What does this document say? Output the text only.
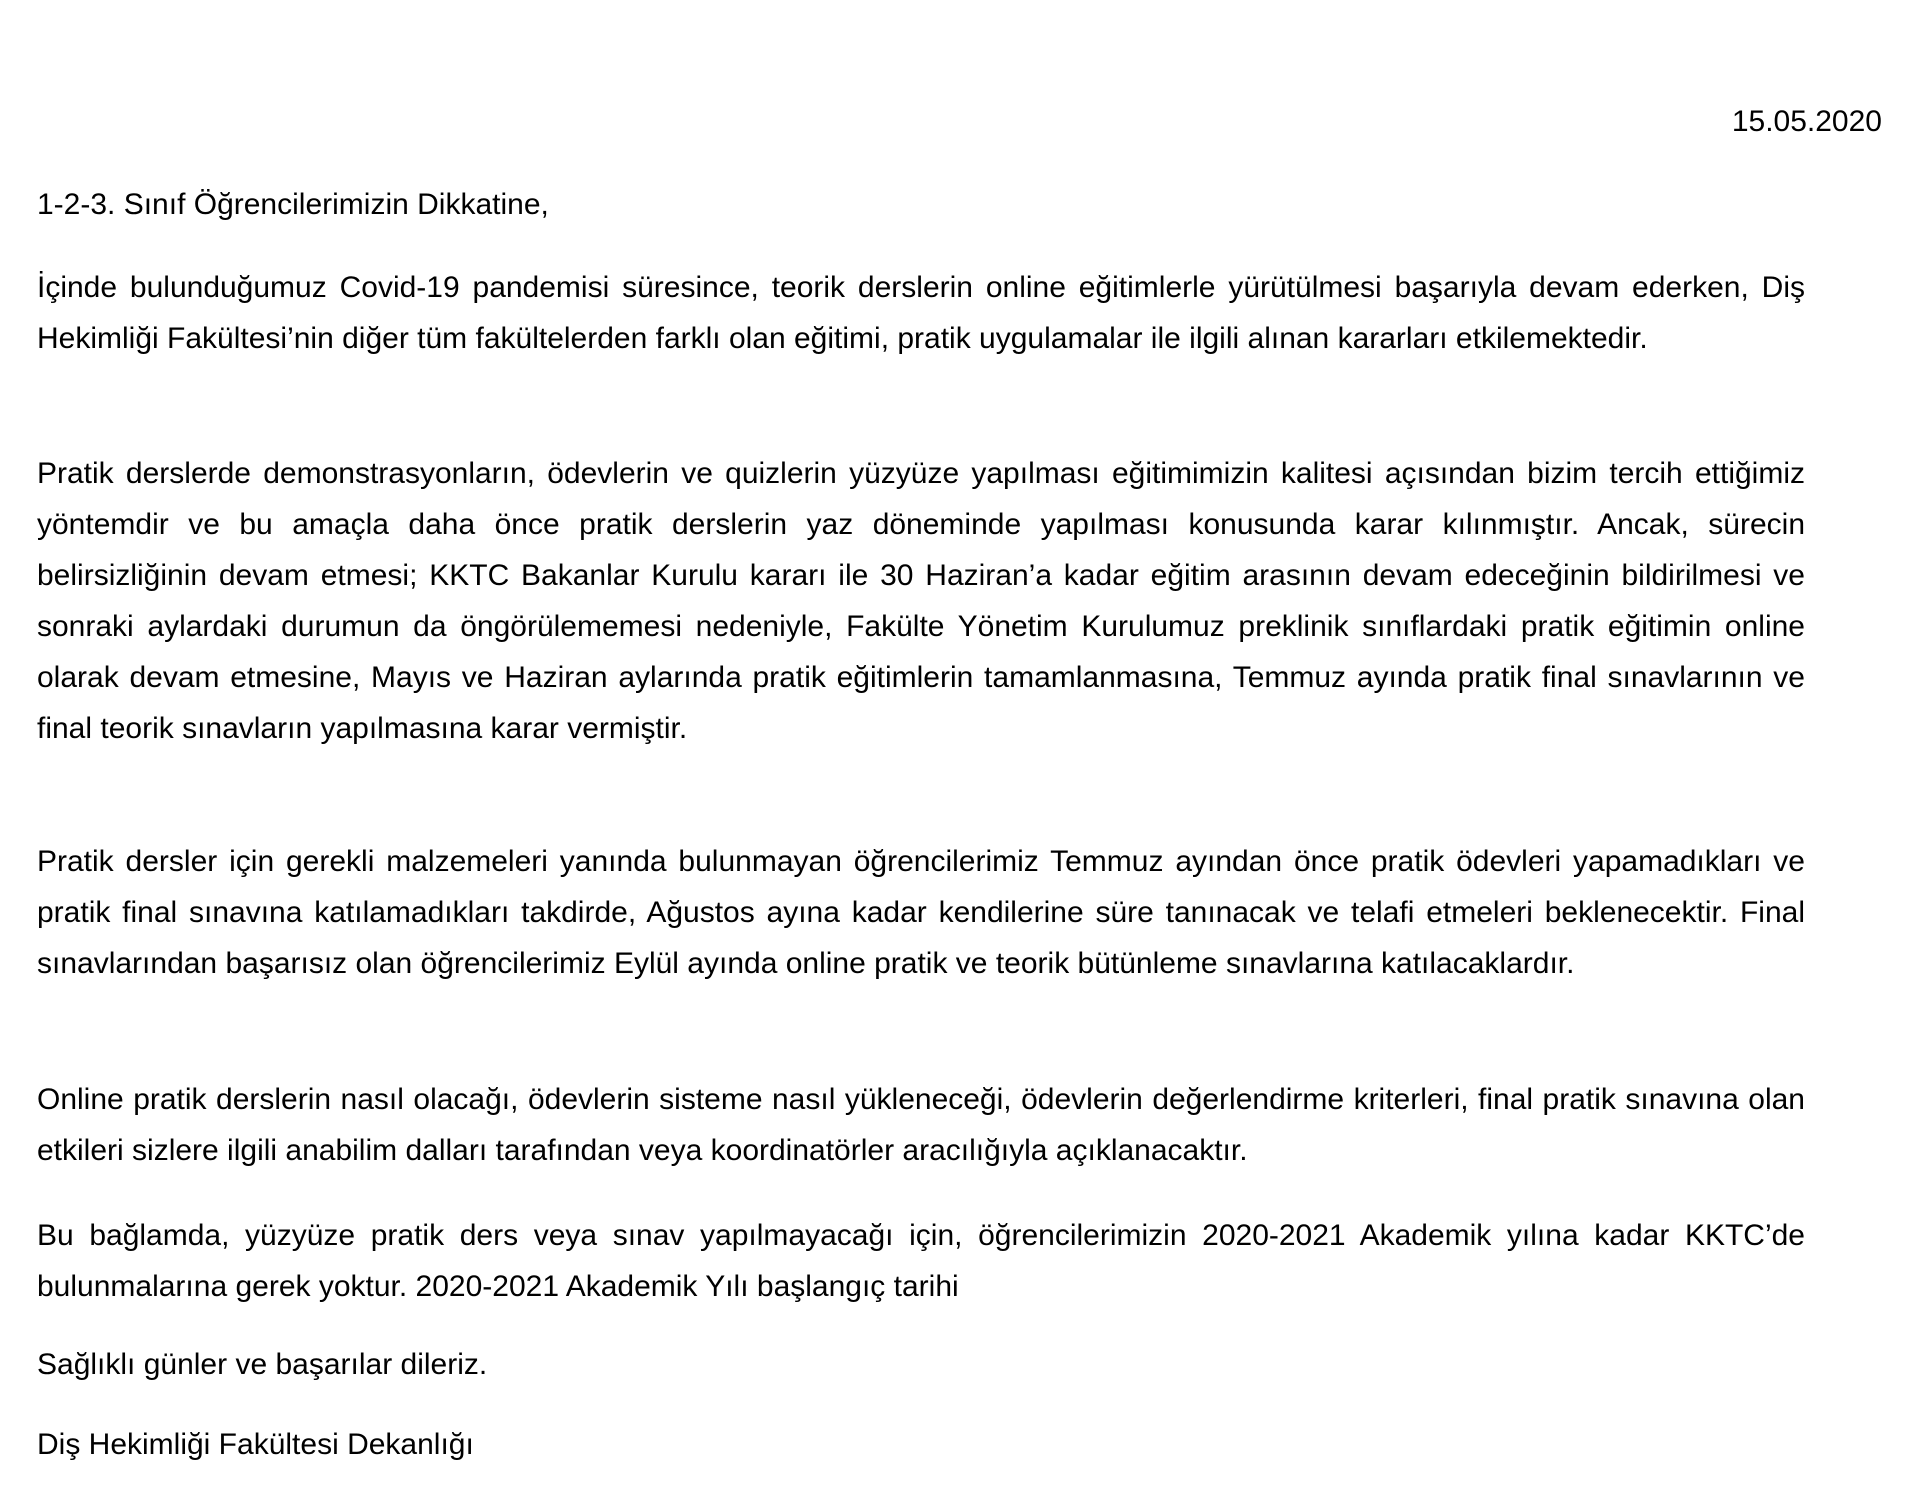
15.05.2020
1-2-3. Sınıf Öğrencilerimizin Dikkatine,

İçinde bulunduğumuz Covid-19 pandemisi süresince, teorik derslerin online eğitimlerle yürütülmesi başarıyla devam ederken, Diş Hekimliği Fakültesi’nin diğer tüm fakültelerden farklı olan eğitimi, pratik uygulamalar ile ilgili alınan kararları etkilemektedir.

Pratik derslerde demonstrasyonların, ödevlerin ve quizlerin yüzyüze yapılması eğitimimizin kalitesi açısından bizim tercih ettiğimiz yöntemdir ve bu amaçla daha önce pratik derslerin yaz döneminde yapılması konusunda karar kılınmıştır. Ancak, sürecin belirsizliğinin devam etmesi; KKTC Bakanlar Kurulu kararı ile 30 Haziran’a kadar eğitim arasının devam edeceğinin bildirilmesi ve sonraki aylardaki durumun da öngörülememesi nedeniyle, Fakülte Yönetim Kurulumuz preklinik sınıflardaki pratik eğitimin online olarak devam etmesine, Mayıs ve Haziran aylarında pratik eğitimlerin tamamlanmasına, Temmuz ayında pratik final sınavlarının ve final teorik sınavların yapılmasına karar vermiştir.

Pratik dersler için gerekli malzemeleri yanında bulunmayan öğrencilerimiz Temmuz ayından önce pratik ödevleri yapamadıkları ve pratik final sınavına katılamadıkları takdirde, Ağustos ayına kadar kendilerine süre tanınacak ve telafi etmeleri beklenecektir. Final sınavlarından başarısız olan öğrencilerimiz Eylül ayında online pratik ve teorik bütünleme sınavlarına katılacaklardır.

Online pratik derslerin nasıl olacağı, ödevlerin sisteme nasıl yükleneceği, ödevlerin değerlendirme kriterleri, final pratik sınavına olan etkileri sizlere ilgili anabilim dalları tarafından veya koordinatörler aracılığıyla açıklanacaktır.

Bu bağlamda, yüzyüze pratik ders veya sınav yapılmayacağı için, öğrencilerimizin 2020-2021 Akademik yılına kadar KKTC’de bulunmalarına gerek yoktur. 2020-2021 Akademik Yılı başlangıç tarihi

Sağlıklı günler ve başarılar dileriz.
Diş Hekimliği Fakültesi Dekanlığı
